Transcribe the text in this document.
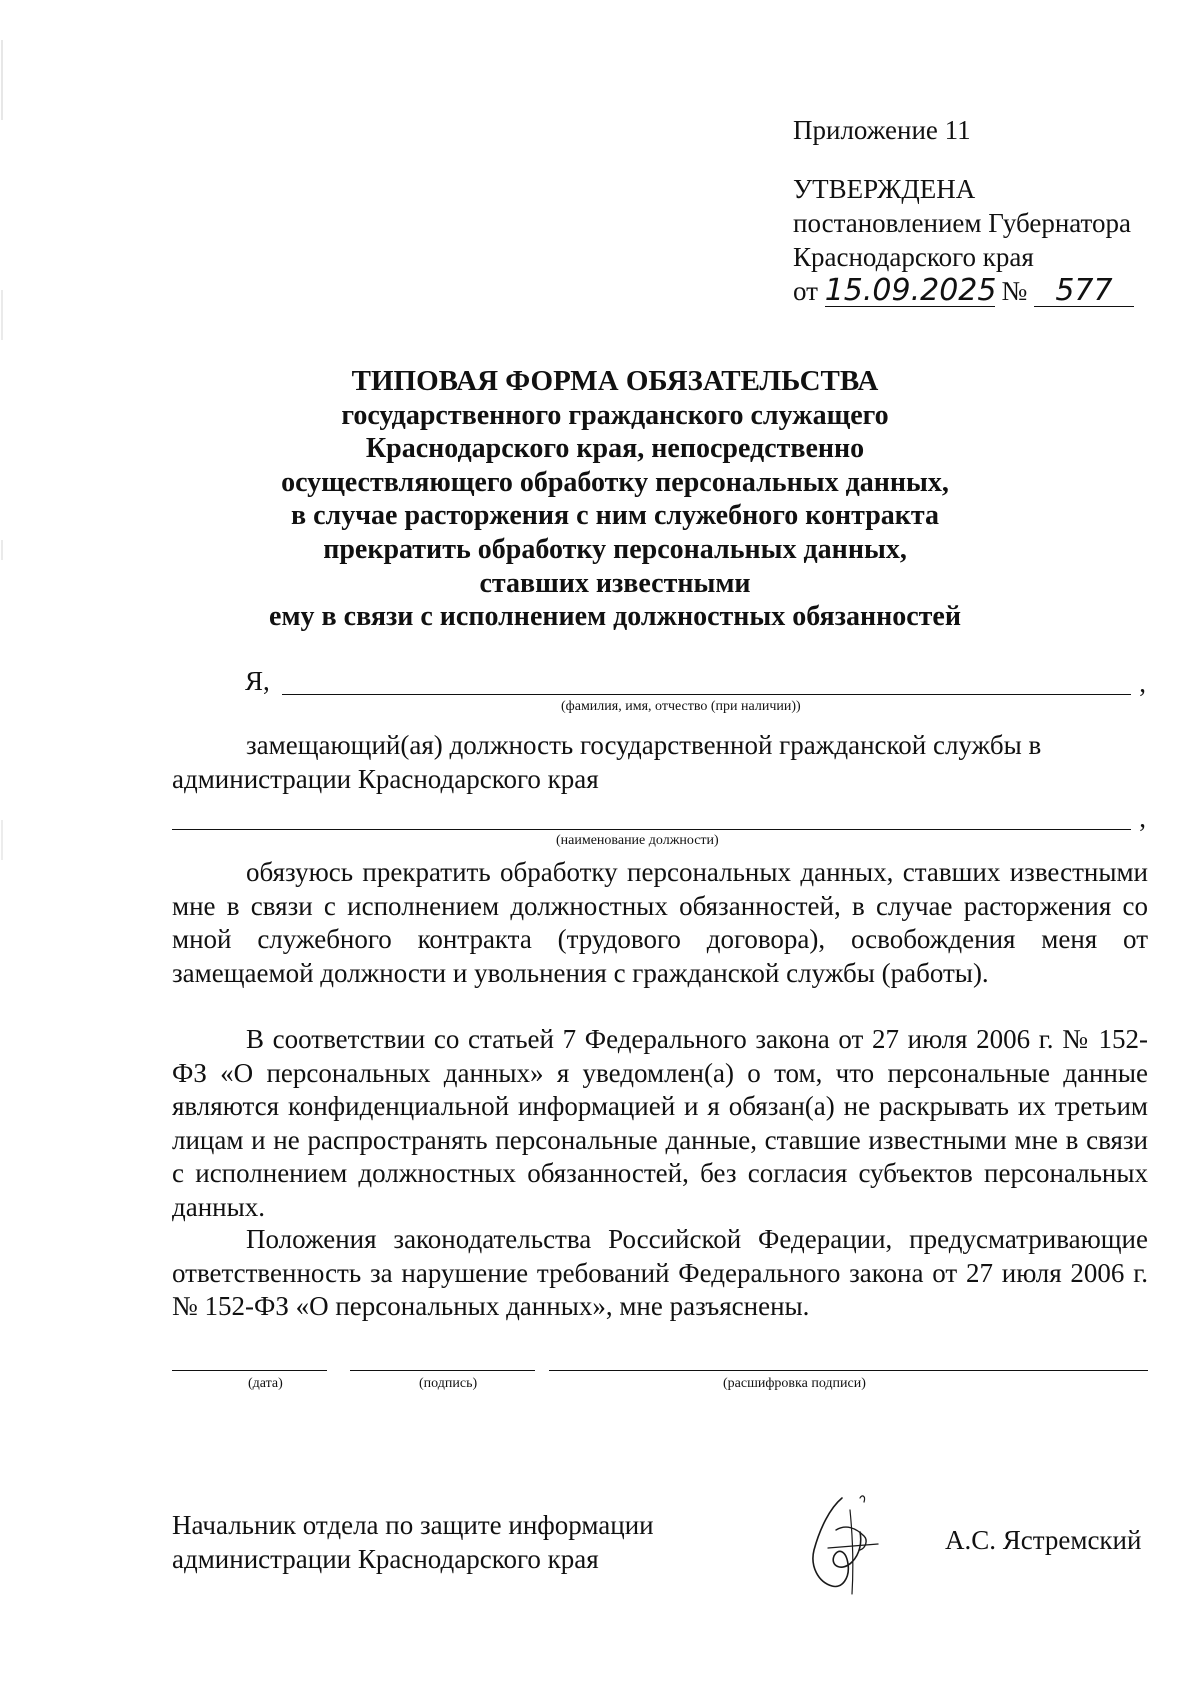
Приложение 11
УТВЕРЖДЕНА
постановлением Губернатора
Краснодарского края
от 15.09.2025 № 577
ТИПОВАЯ ФОРМА ОБЯЗАТЕЛЬСТВА
государственного гражданского служащего
Краснодарского края, непосредственно
осуществляющего обработку персональных данных,
в случае расторжения с ним служебного контракта
прекратить обработку персональных данных,
ставших известными
ему в связи с исполнением должностных обязанностей
Я,	,
(фамилия, имя, отчество (при наличии))
замещающий(ая) должность государственной гражданской службы в
администрации Краснодарского края
,
(наименование должности)
обязуюсь прекратить обработку персональных данных, ставших известными мне в связи с исполнением должностных обязанностей, в случае расторжения со мной служебного контракта (трудового договора), освобождения меня от замещаемой должности и увольнения с гражданской службы (работы).
В соответствии со статьей 7 Федерального закона от 27 июля 2006 г. № 152-ФЗ «О персональных данных» я уведомлен(а) о том, что персональные данные являются конфиденциальной информацией и я обязан(а) не раскрывать их третьим лицам и не распространять персональные данные, ставшие известными мне в связи с исполнением должностных обязанностей, без согласия субъектов персональных данных.
Положения законодательства Российской Федерации, предусматривающие ответственность за нарушение требований Федерального закона от 27 июля 2006 г. № 152-ФЗ «О персональных данных», мне разъяснены.
(дата)	(подпись)	(расшифровка подписи)
Начальник отдела по защите информации
администрации Краснодарского края
А.С. Ястремский
